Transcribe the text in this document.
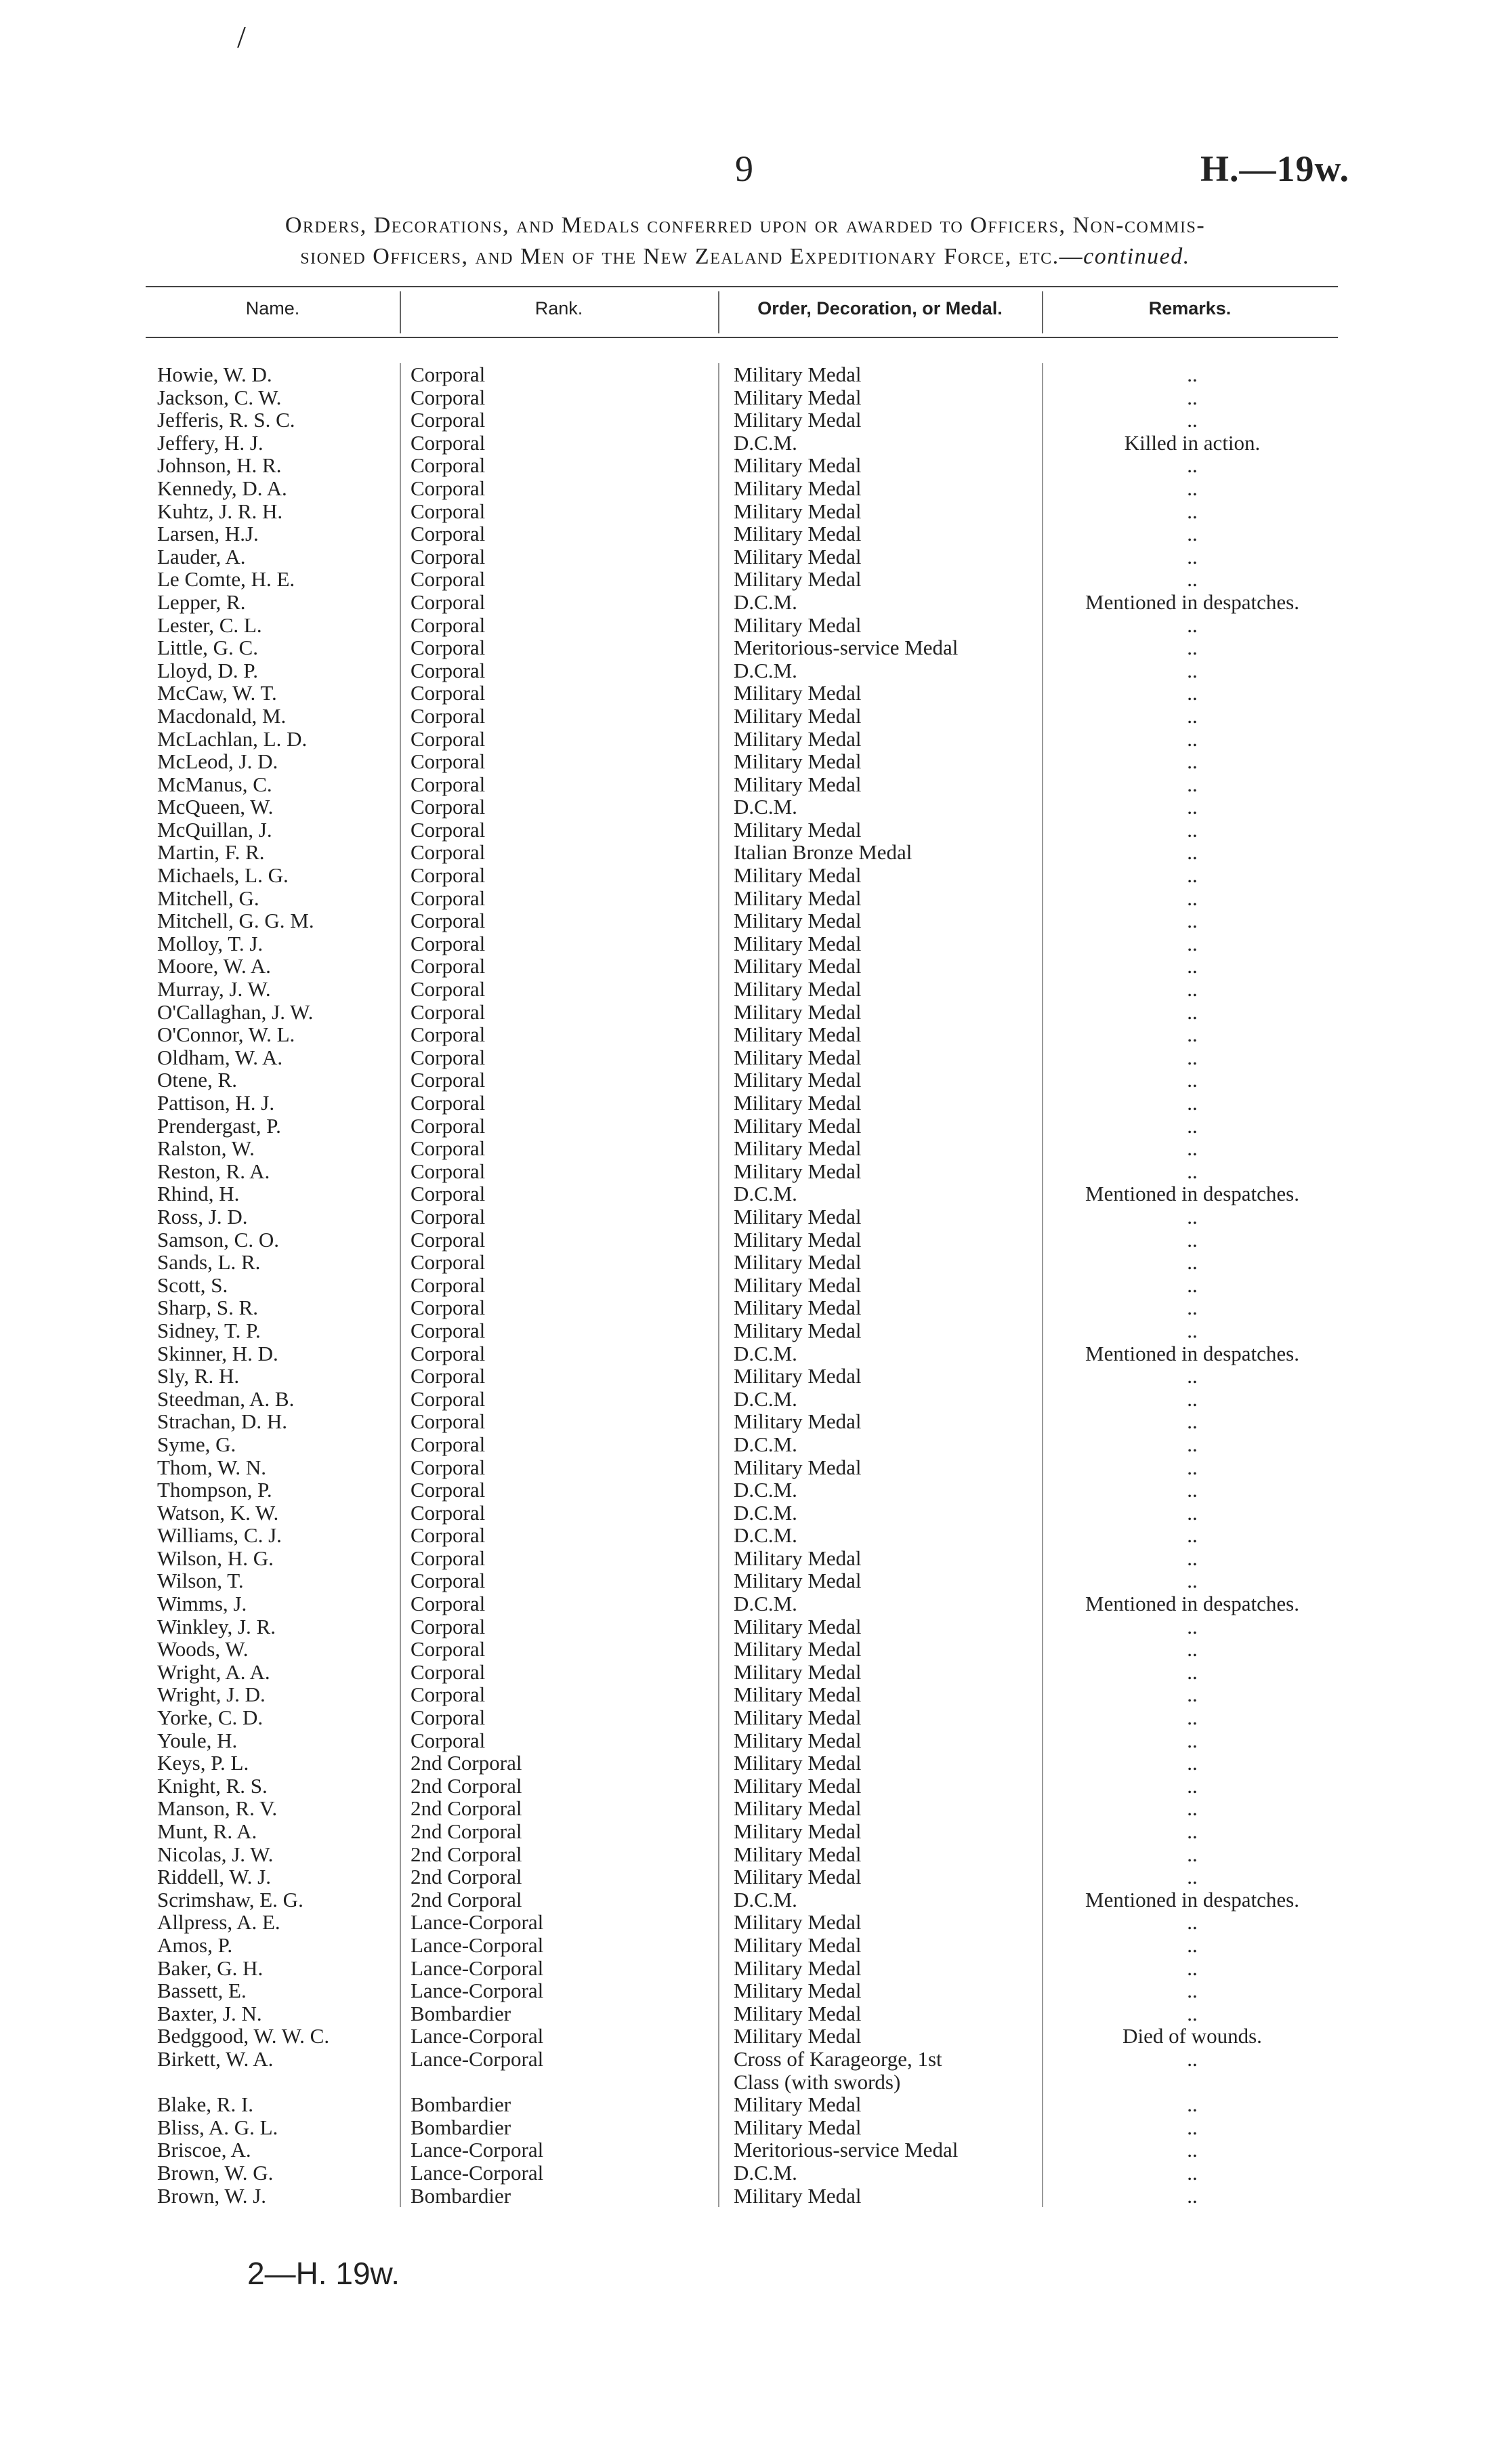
/
9	H.—19w.
Orders, Decorations, and Medals conferred upon or awarded to Officers, Non-commis-
sioned Officers, and Men of the New Zealand Expeditionary Force, etc.—continued.
Name.	Rank.	Order, Decoration, or Medal.	Remarks.
Howie, W. D.	Corporal	Military Medal	..
Jackson, C. W.	Corporal	Military Medal	..
Jefferis, R. S. C.	Corporal	Military Medal	..
Jeffery, H. J.	Corporal	D.C.M.	Killed in action.
Johnson, H. R.	Corporal	Military Medal	..
Kennedy, D. A.	Corporal	Military Medal	..
Kuhtz, J. R. H.	Corporal	Military Medal	..
Larsen, H.J.	Corporal	Military Medal	..
Lauder, A.	Corporal	Military Medal	..
Le Comte, H. E.	Corporal	Military Medal	..
Lepper, R.	Corporal	D.C.M.	Mentioned in despatches.
Lester, C. L.	Corporal	Military Medal	..
Little, G. C.	Corporal	Meritorious-service Medal	..
Lloyd, D. P.	Corporal	D.C.M.	..
McCaw, W. T.	Corporal	Military Medal	..
Macdonald, M.	Corporal	Military Medal	..
McLachlan, L. D.	Corporal	Military Medal	..
McLeod, J. D.	Corporal	Military Medal	..
McManus, C.	Corporal	Military Medal	..
McQueen, W.	Corporal	D.C.M.	..
McQuillan, J.	Corporal	Military Medal	..
Martin, F. R.	Corporal	Italian Bronze Medal	..
Michaels, L. G.	Corporal	Military Medal	..
Mitchell, G.	Corporal	Military Medal	..
Mitchell, G. G. M.	Corporal	Military Medal	..
Molloy, T. J.	Corporal	Military Medal	..
Moore, W. A.	Corporal	Military Medal	..
Murray, J. W.	Corporal	Military Medal	..
O'Callaghan, J. W.	Corporal	Military Medal	..
O'Connor, W. L.	Corporal	Military Medal	..
Oldham, W. A.	Corporal	Military Medal	..
Otene, R.	Corporal	Military Medal	..
Pattison, H. J.	Corporal	Military Medal	..
Prendergast, P.	Corporal	Military Medal	..
Ralston, W.	Corporal	Military Medal	..
Reston, R. A.	Corporal	Military Medal	..
Rhind, H.	Corporal	D.C.M.	Mentioned in despatches.
Ross, J. D.	Corporal	Military Medal	..
Samson, C. O.	Corporal	Military Medal	..
Sands, L. R.	Corporal	Military Medal	..
Scott, S.	Corporal	Military Medal	..
Sharp, S. R.	Corporal	Military Medal	..
Sidney, T. P.	Corporal	Military Medal	..
Skinner, H. D.	Corporal	D.C.M.	Mentioned in despatches.
Sly, R. H.	Corporal	Military Medal	..
Steedman, A. B.	Corporal	D.C.M.	..
Strachan, D. H.	Corporal	Military Medal	..
Syme, G.	Corporal	D.C.M.	..
Thom, W. N.	Corporal	Military Medal	..
Thompson, P.	Corporal	D.C.M.	..
Watson, K. W.	Corporal	D.C.M.	..
Williams, C. J.	Corporal	D.C.M.	..
Wilson, H. G.	Corporal	Military Medal	..
Wilson, T.	Corporal	Military Medal	..
Wimms, J.	Corporal	D.C.M.	Mentioned in despatches.
Winkley, J. R.	Corporal	Military Medal	..
Woods, W.	Corporal	Military Medal	..
Wright, A. A.	Corporal	Military Medal	..
Wright, J. D.	Corporal	Military Medal	..
Yorke, C. D.	Corporal	Military Medal	..
Youle, H.	Corporal	Military Medal	..
Keys, P. L.	2nd Corporal	Military Medal	..
Knight, R. S.	2nd Corporal	Military Medal	..
Manson, R. V.	2nd Corporal	Military Medal	..
Munt, R. A.	2nd Corporal	Military Medal	..
Nicolas, J. W.	2nd Corporal	Military Medal	..
Riddell, W. J.	2nd Corporal	Military Medal	..
Scrimshaw, E. G.	2nd Corporal	D.C.M.	Mentioned in despatches.
Allpress, A. E.	Lance-Corporal	Military Medal	..
Amos, P.	Lance-Corporal	Military Medal	..
Baker, G. H.	Lance-Corporal	Military Medal	..
Bassett, E.	Lance-Corporal	Military Medal	..
Baxter, J. N.	Bombardier	Military Medal	..
Bedggood, W. W. C.	Lance-Corporal	Military Medal	Died of wounds.
Birkett, W. A.	Lance-Corporal	Cross of Karageorge, 1st	..
Class (with swords)
Blake, R. I.	Bombardier	Military Medal	..
Bliss, A. G. L.	Bombardier	Military Medal	..
Briscoe, A.	Lance-Corporal	Meritorious-service Medal	..
Brown, W. G.	Lance-Corporal	D.C.M.	..
Brown, W. J.	Bombardier	Military Medal	..
2—H. 19w.
